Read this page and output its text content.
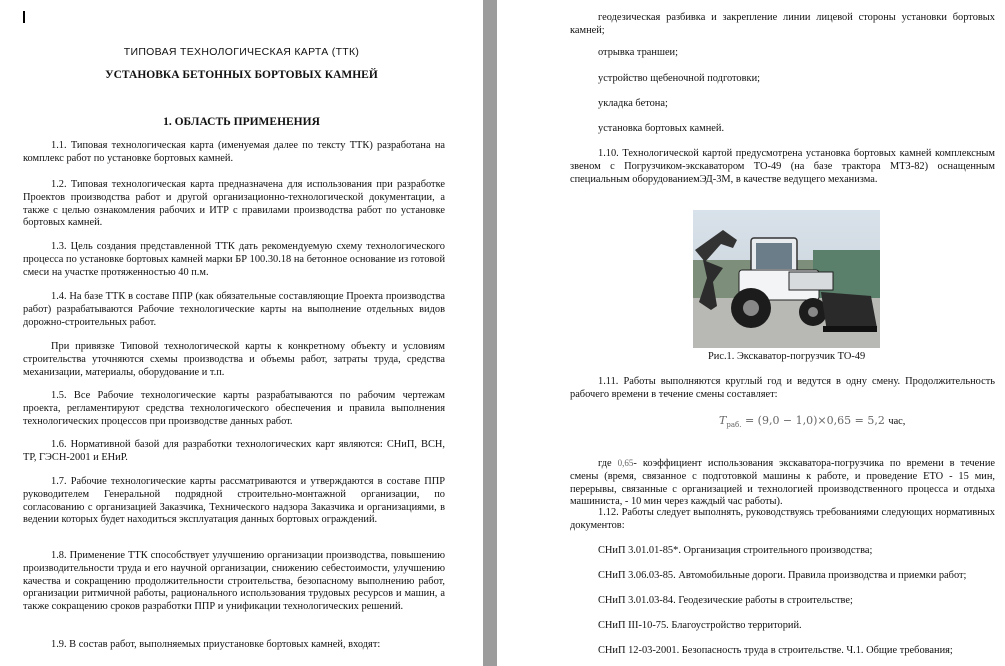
ТИПОВАЯ ТЕХНОЛОГИЧЕСКАЯ КАРТА (ТТК)
УСТАНОВКА БЕТОННЫХ БОРТОВЫХ КАМНЕЙ
1. ОБЛАСТЬ ПРИМЕНЕНИЯ
1.1. Типовая технологическая карта (именуемая далее по тексту ТТК) разработана на комплекс работ по установке бортовых камней.
1.2. Типовая технологическая карта предназначена для использования при разработке Проектов производства работ и другой организационно-технологической документации, а также с целью ознакомления рабочих и ИТР с правилами производства работ по установке бортовых камней.
1.3. Цель создания представленной ТТК дать рекомендуемую схему технологического процесса по установке бортовых камней марки БР 100.30.18 на бетонное основание из готовой смеси на участке протяженностью 40 п.м.
1.4. На базе ТТК в составе ППР (как обязательные составляющие Проекта производства работ) разрабатываются Рабочие технологические карты на выполнение отдельных видов дорожно-строительных работ.
При привязке Типовой технологической карты к конкретному объекту и условиям строительства уточняются схемы производства и объемы работ, затраты труда, средства механизации, материалы, оборудование и т.п.
1.5. Все Рабочие технологические карты разрабатываются по рабочим чертежам проекта, регламентируют средства технологического обеспечения и правила выполнения технологических процессов при производстве данных работ.
1.6. Нормативной базой для разработки технологических карт являются: СНиП, ВСН, ТР, ГЭСН-2001 и ЕНиР.
1.7. Рабочие технологические карты рассматриваются и утверждаются в составе ППР руководителем Генеральной подрядной строительно-монтажной организации, по согласованию с организацией Заказчика, Технического надзора Заказчика и организациями, в ведении которых будет находиться эксплуатация данных бортовых ограждений.
1.8. Применение ТТК способствует улучшению организации производства, повышению производительности труда и его научной организации, снижению себестоимости, улучшению качества и сокращению продолжительности строительства, безопасному выполнению работ, организации ритмичной работы, рационального использования трудовых ресурсов и машин, а также сокращению сроков разработки ППР и унификации технологических решений.
1.9. В состав работ, выполняемых приустановке бортовых камней, входят:
геодезическая разбивка и закрепление линии лицевой стороны установки бортовых камней;
отрывка траншеи;
устройство щебеночной подготовки;
укладка бетона;
установка бортовых камней.
1.10. Технологической картой предусмотрена установка бортовых камней комплексным звеном с Погрузчиком-экскаватором ТО-49 (на базе трактора МТЗ-82) оснащенным специальным оборудованиемЭД-3М, в качестве ведущего механизма.
Рис.1. Экскаватор-погрузчик ТО-49
1.11. Работы выполняются круглый год и ведутся в одну смену. Продолжительность рабочего времени в течение смены составляет:
$T_{раб.} = (9,0 - 1,0)\times 0,65 = 5,2$ час,
где 0,65- коэффициент использования экскаватора-погрузчика по времени в течение смены (время, связанное с подготовкой машины к работе, и проведение ЕТО - 15 мин, перерывы, связанные с организацией и технологией производственного процесса и отдыха машиниста, - 10 мин через каждый час работы).
1.12. Работы следует выполнять, руководствуясь требованиями следующих нормативных документов:
СНиП 3.01.01-85*. Организация строительного производства;
СНиП 3.06.03-85. Автомобильные дороги. Правила производства и приемки работ;
СНиП 3.01.03-84. Геодезические работы в строительстве;
СНиП III-10-75. Благоустройство территорий.
СНиП 12-03-2001. Безопасность труда в строительстве. Ч.1. Общие требования;
